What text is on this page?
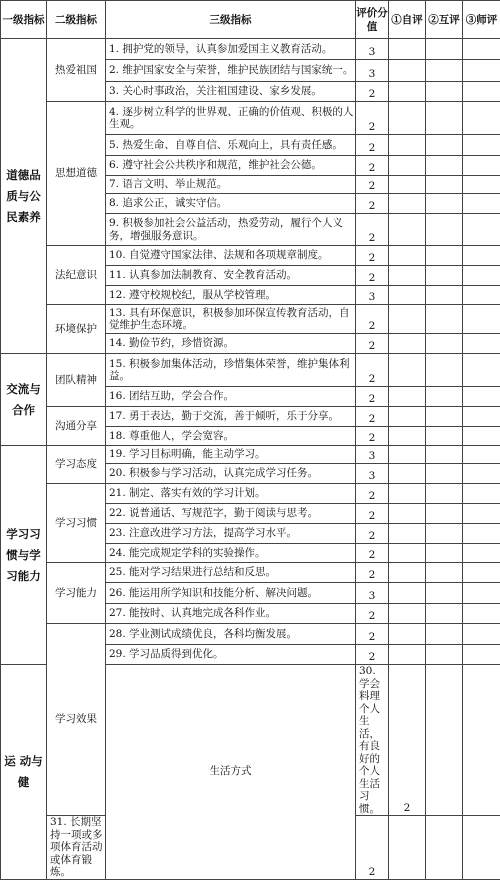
一级指标	二级指标	三级指标	评价分值	①自评	②互评	③师评	
道德品质与公民素养	热爱祖国	1. 拥护党的领导，认真参加爱国主义教育活动。	3				
		2. 维护国家安全与荣誉，维护民族团结与国家统一。	3				
		3. 关心时事政治，关注祖国建设、家乡发展。	2				
	思想道德	4. 逐步树立科学的世界观、正确的价值观、积极的人生观。	2				
		5. 热爱生命、自尊自信、乐观向上，具有责任感。	2				
		6. 遵守社会公共秩序和规范，维护社会公德。	2				
		7. 语言文明、举止规范。	2				
		8. 追求公正，诚实守信。	2				
		9. 积极参加社会公益活动，热爱劳动，履行个人义务，增强服务意识。	2				
	法纪意识	10. 自觉遵守国家法律、法规和各项规章制度。	2				
		11. 认真参加法制教育、安全教育活动。	2				
		12. 遵守校规校纪，服从学校管理。	3				
	环境保护	13. 具有环保意识，积极参加环保宣传教育活动，自觉维护生态环境。	2				
		14. 勤俭节约，珍惜资源。	2				
交流与合作	团队精神	15. 积极参加集体活动，珍惜集体荣誉，维护集体利益。	2				
		16. 团结互助，学会合作。	2				
	沟通分享	17. 勇于表达，勤于交流，善于倾听，乐于分享。	2				
		18. 尊重他人，学会宽容。	2				
学习习惯与学习能力	学习态度	19. 学习目标明确，能主动学习。	3				
		20. 积极参与学习活动，认真完成学习任务。	3				
	学习习惯	21. 制定、落实有效的学习计划。	2				
		22. 说普通话、写规范字，勤于阅读与思考。	2				
		23. 注意改进学习方法，提高学习水平。	2				
		24. 能完成规定学科的实验操作。	2				
	学习能力	25. 能对学习结果进行总结和反思。	2				
		26. 能运用所学知识和技能分析、解决问题。	3				
		27. 能按时、认真地完成各科作业。	2				
	学习效果	28. 学业测试成绩优良，各科均衡发展。	2				
		29. 学习品质得到优化。	2				
运 动与 健		生活方式	30. 学会料理个人生活，有良好的个人生活习惯。	2			
	31. 长期坚持一项或多项体育活动或体育锻炼。		2				
